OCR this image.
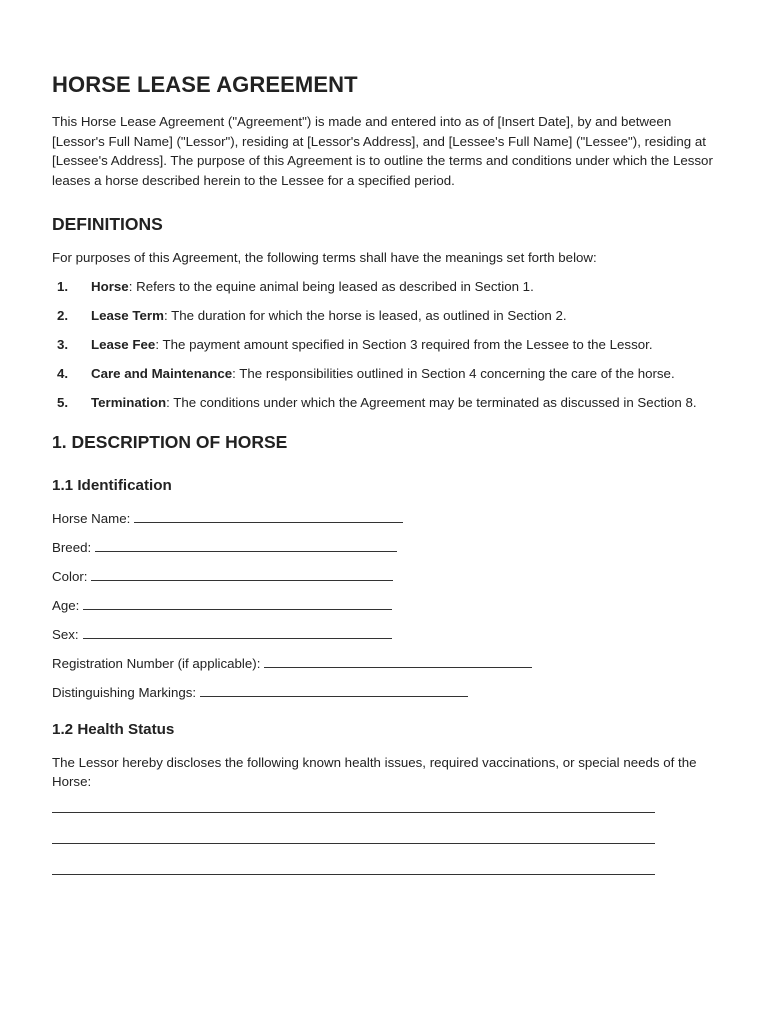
HORSE LEASE AGREEMENT

This Horse Lease Agreement ("Agreement") is made and entered into as of [Insert Date], by and between [Lessor's Full Name] ("Lessor"), residing at [Lessor's Address], and [Lessee's Full Name] ("Lessee"), residing at [Lessee's Address]. The purpose of this Agreement is to outline the terms and conditions under which the Lessor leases a horse described herein to the Lessee for a specified period.

DEFINITIONS

For purposes of this Agreement, the following terms shall have the meanings set forth below:

1. Horse: Refers to the equine animal being leased as described in Section 1.
2. Lease Term: The duration for which the horse is leased, as outlined in Section 2.
3. Lease Fee: The payment amount specified in Section 3 required from the Lessee to the Lessor.
4. Care and Maintenance: The responsibilities outlined in Section 4 concerning the care of the horse.
5. Termination: The conditions under which the Agreement may be terminated as discussed in Section 8.
1. DESCRIPTION OF HORSE
1.1 Identification
Horse Name:
Breed:
Color:
Age:
Sex:
Registration Number (if applicable):
Distinguishing Markings:
1.2 Health Status

The Lessor hereby discloses the following known health issues, required vaccinations, or special needs of the Horse:
